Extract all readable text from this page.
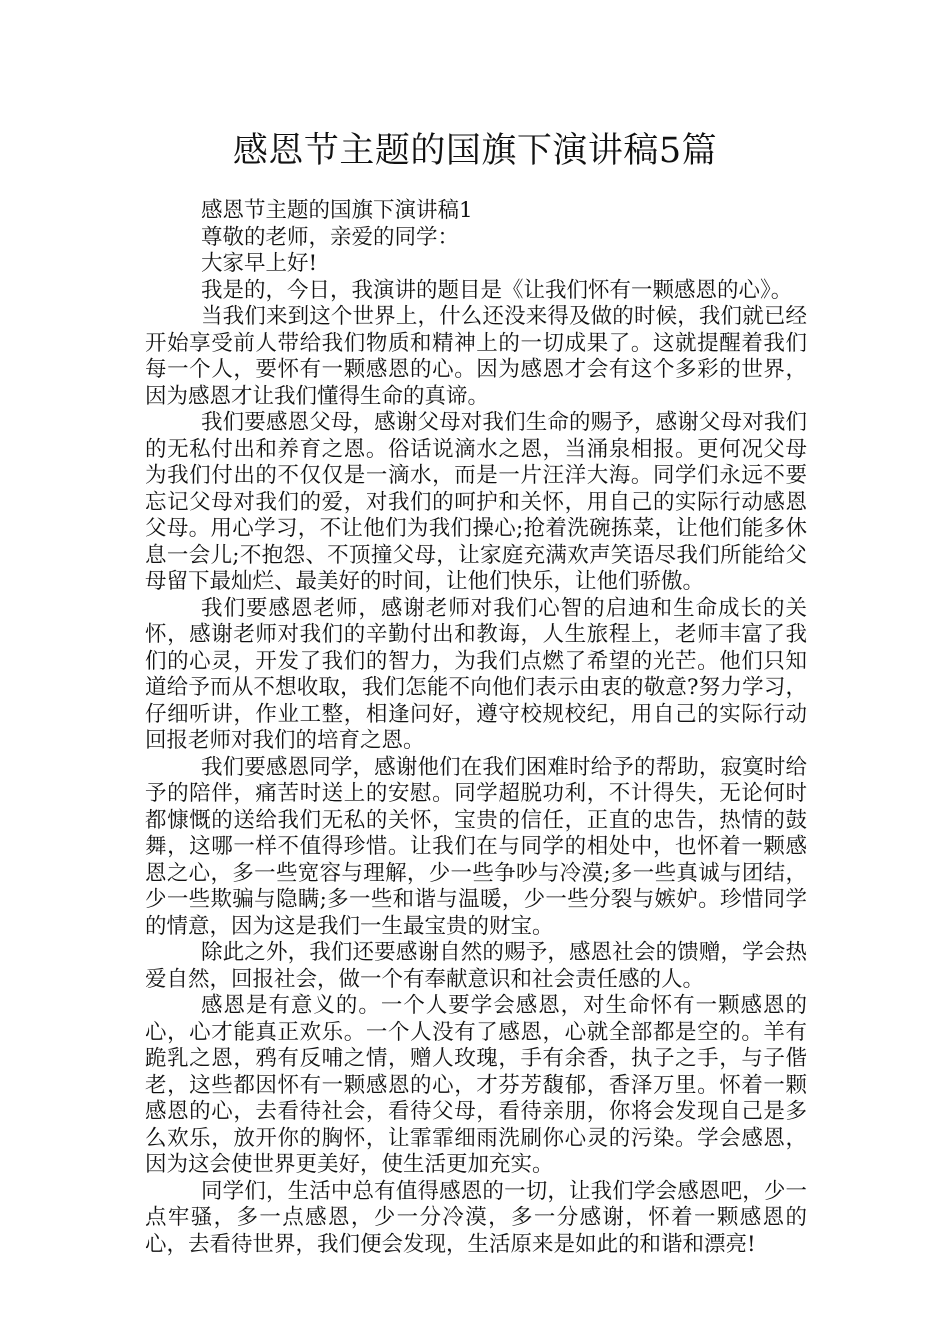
感恩节主题的国旗下演讲稿5篇

感恩节主题的国旗下演讲稿1

尊敬的老师，亲爱的同学：

大家早上好!

我是的，今日，我演讲的题目是《让我们怀有一颗感恩的心》。

当我们来到这个世界上，什么还没来得及做的时候，我们就已经开始享受前人带给我们物质和精神上的一切成果了。这就提醒着我们每一个人，要怀有一颗感恩的心。因为感恩才会有这个多彩的世界，因为感恩才让我们懂得生命的真谛。

我们要感恩父母，感谢父母对我们生命的赐予，感谢父母对我们的无私付出和养育之恩。俗话说滴水之恩，当涌泉相报。更何况父母为我们付出的不仅仅是一滴水，而是一片汪洋大海。同学们永远不要忘记父母对我们的爱，对我们的呵护和关怀，用自己的实际行动感恩父母。用心学习，不让他们为我们操心;抢着洗碗拣菜，让他们能多休息一会儿;不抱怨、不顶撞父母，让家庭充满欢声笑语尽我们所能给父母留下最灿烂、最美好的时间，让他们快乐，让他们骄傲。

我们要感恩老师，感谢老师对我们心智的启迪和生命成长的关怀，感谢老师对我们的辛勤付出和教诲，人生旅程上，老师丰富了我们的心灵，开发了我们的智力，为我们点燃了希望的光芒。他们只知道给予而从不想收取，我们怎能不向他们表示由衷的敬意?努力学习，仔细听讲，作业工整，相逢问好，遵守校规校纪，用自己的实际行动回报老师对我们的培育之恩。

我们要感恩同学，感谢他们在我们困难时给予的帮助，寂寞时给予的陪伴，痛苦时送上的安慰。同学超脱功利，不计得失，无论何时都慷慨的送给我们无私的关怀，宝贵的信任，正直的忠告，热情的鼓舞，这哪一样不值得珍惜。让我们在与同学的相处中，也怀着一颗感恩之心，多一些宽容与理解，少一些争吵与冷漠;多一些真诚与团结，少一些欺骗与隐瞒;多一些和谐与温暖，少一些分裂与嫉妒。珍惜同学的情意，因为这是我们一生最宝贵的财宝。

除此之外，我们还要感谢自然的赐予，感恩社会的馈赠，学会热爱自然，回报社会，做一个有奉献意识和社会责任感的人。

感恩是有意义的。一个人要学会感恩，对生命怀有一颗感恩的心，心才能真正欢乐。一个人没有了感恩，心就全部都是空的。羊有跪乳之恩，鸦有反哺之情，赠人玫瑰，手有余香，执子之手，与子偕老，这些都因怀有一颗感恩的心，才芬芳馥郁，香泽万里。怀着一颗感恩的心，去看待社会，看待父母，看待亲朋，你将会发现自己是多么欢乐，放开你的胸怀，让霏霏细雨洗刷你心灵的污染。学会感恩，因为这会使世界更美好，使生活更加充实。

同学们，生活中总有值得感恩的一切，让我们学会感恩吧，少一点牢骚，多一点感恩，少一分冷漠，多一分感谢，怀着一颗感恩的心，去看待世界，我们便会发现，生活原来是如此的和谐和漂亮!
